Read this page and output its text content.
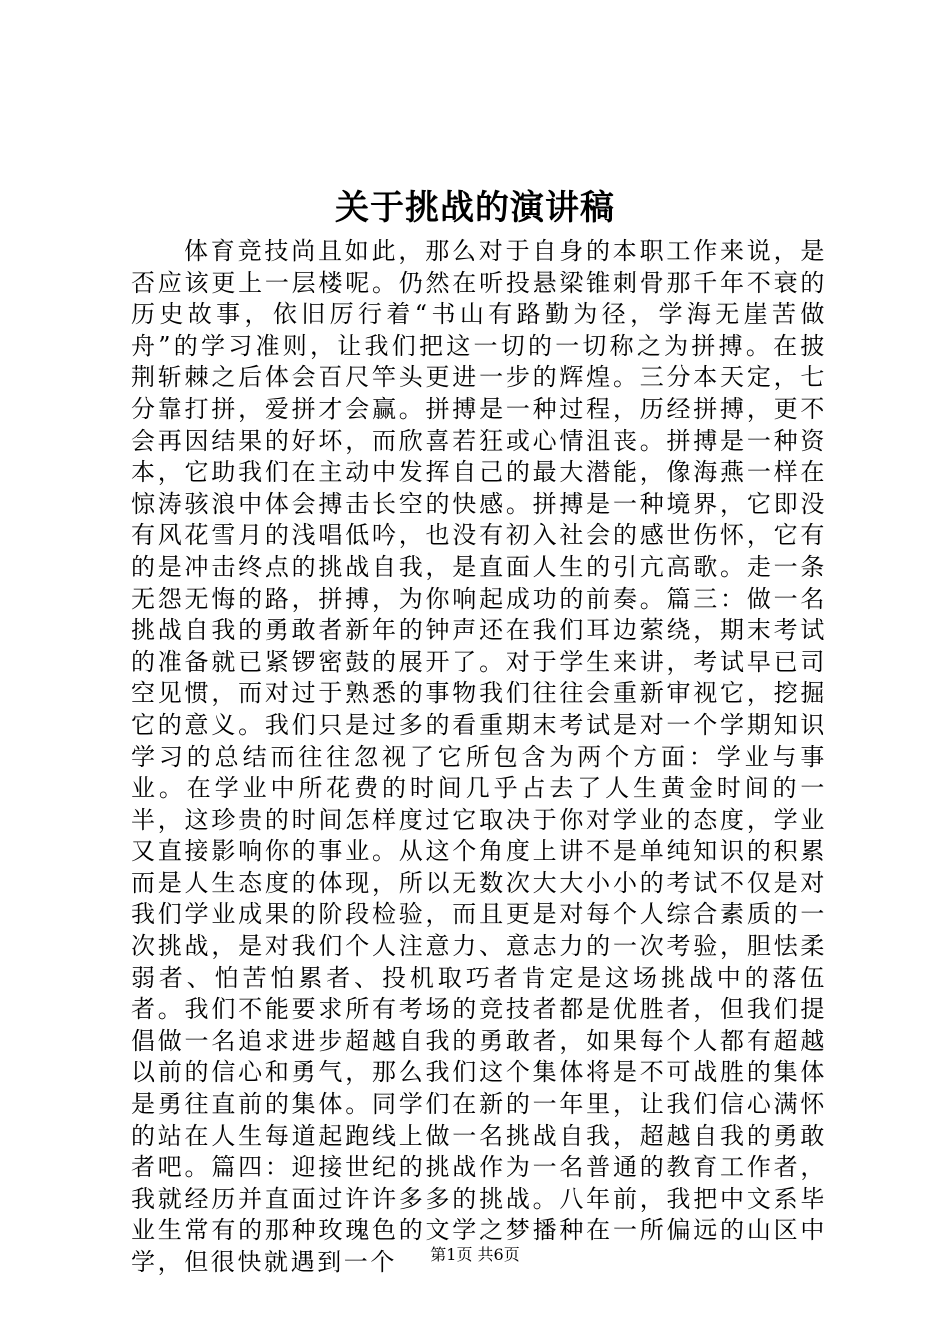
关于挑战的演讲稿

体育竞技尚且如此，那么对于自身的本职工作来说，是否应该更上一层楼呢。仍然在听投悬梁锥刺骨那千年不衰的历史故事，依旧厉行着“书山有路勤为径，学海无崖苦做舟”的学习准则，让我们把这一切的一切称之为拼搏。在披荆斩棘之后体会百尺竿头更进一步的辉煌。三分本天定，七分靠打拼，爱拼才会赢。拼搏是一种过程，历经拼搏，更不会再因结果的好坏，而欣喜若狂或心情沮丧。拼搏是一种资本，它助我们在主动中发挥自己的最大潜能，像海燕一样在惊涛骇浪中体会搏击长空的快感。拼搏是一种境界，它即没有风花雪月的浅唱低吟，也没有初入社会的感世伤怀，它有的是冲击终点的挑战自我，是直面人生的引亢高歌。走一条无怨无悔的路，拼搏，为你响起成功的前奏。篇三：做一名挑战自我的勇敢者新年的钟声还在我们耳边萦绕，期末考试的准备就已紧锣密鼓的展开了。对于学生来讲，考试早已司空见惯，而对过于熟悉的事物我们往往会重新审视它，挖掘它的意义。我们只是过多的看重期末考试是对一个学期知识学习的总结而往往忽视了它所包含为两个方面：学业与事业。在学业中所花费的时间几乎占去了人生黄金时间的一半，这珍贵的时间怎样度过它取决于你对学业的态度，学业又直接影响你的事业。从这个角度上讲不是单纯知识的积累而是人生态度的体现，所以无数次大大小小的考试不仅是对我们学业成果的阶段检验，而且更是对每个人综合素质的一次挑战，是对我们个人注意力、意志力的一次考验，胆怯柔弱者、怕苦怕累者、投机取巧者肯定是这场挑战中的落伍者。我们不能要求所有考场的竞技者都是优胜者，但我们提倡做一名追求进步超越自我的勇敢者，如果每个人都有超越以前的信心和勇气，那么我们这个集体将是不可战胜的集体是勇往直前的集体。同学们在新的一年里，让我们信心满怀的站在人生每道起跑线上做一名挑战自我，超越自我的勇敢者吧。篇四：迎接世纪的挑战作为一名普通的教育工作者，我就经历并直面过许许多多的挑战。八年前，我把中文系毕业生常有的那种玫瑰色的文学之梦播种在一所偏远的山区中学，但很快就遇到一个	第1页 共6页
